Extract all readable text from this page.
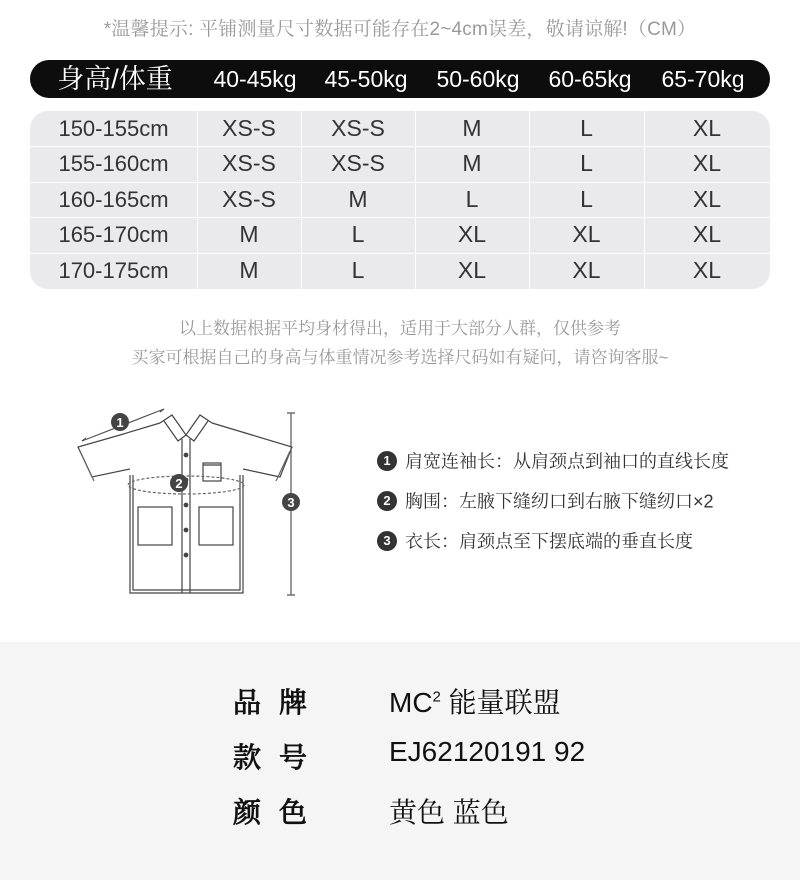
*温馨提示: 平铺测量尺寸数据可能存在2~4cm误差，敬请谅解!（CM）
身高/体重	40-45kg	45-50kg	50-60kg	60-65kg	65-70kg
150-155cm	XS-S	XS-S	M	L	XL
155-160cm	XS-S	XS-S	M	L	XL
160-165cm	XS-S	M	L	L	XL
165-170cm	M	L	XL	XL	XL
170-175cm	M	L	XL	XL	XL
以上数据根据平均身材得出，适用于大部分人群，仅供参考
买家可根据自己的身高与体重情况参考选择尺码如有疑问，请咨询客服~
1
2
3
1 肩宽连袖长：从肩颈点到袖口的直线长度
2 胸围：左腋下缝纫口到右腋下缝纫口×2
3 衣长：肩颈点至下摆底端的垂直长度
品牌 $MC^2$ 能量联盟
款号 EJ62120191 92
颜色 黄色 蓝色
